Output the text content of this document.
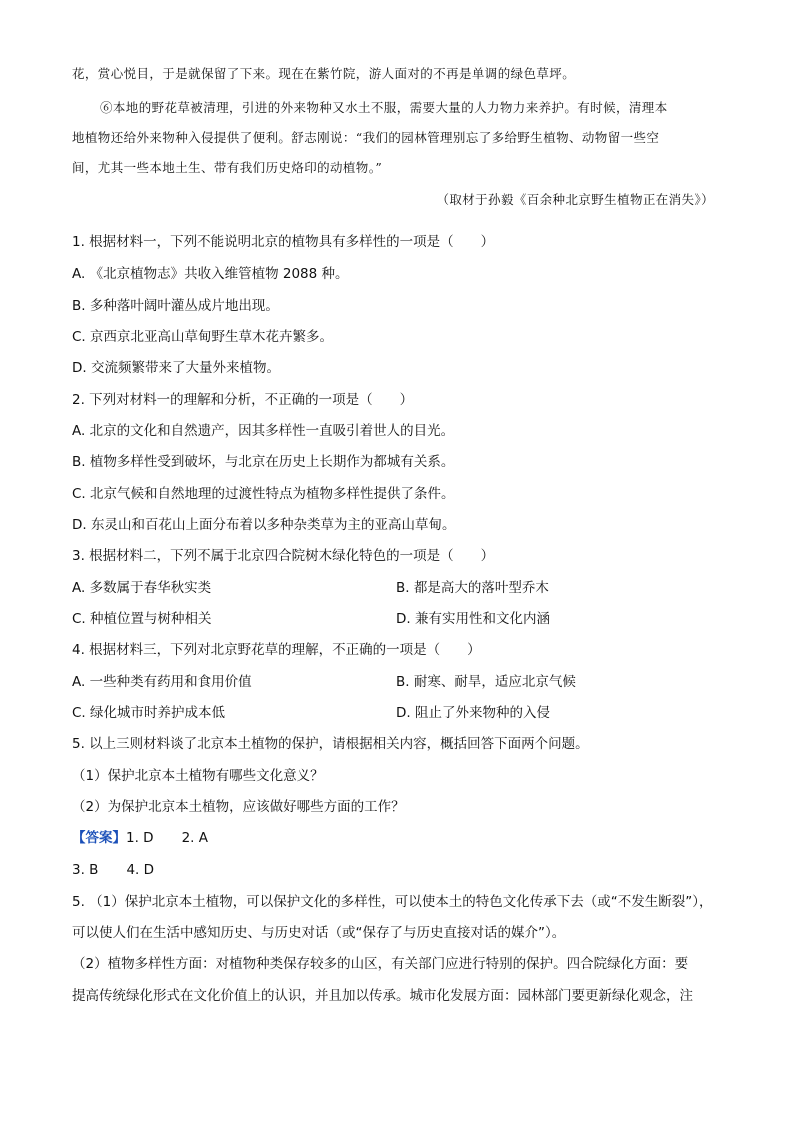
花，赏心悦目，于是就保留了下来。现在在紫竹院，游人面对的不再是单调的绿色草坪。
⑥本地的野花草被清理，引进的外来物种又水土不服，需要大量的人力物力来养护。有时候，清理本
地植物还给外来物种入侵提供了便利。舒志刚说：“我们的园林管理别忘了多给野生植物、动物留一些空
间，尤其一些本地土生、带有我们历史烙印的动植物。”
（取材于孙毅《百余种北京野生植物正在消失》）
1. 根据材料一，下列不能说明北京的植物具有多样性的一项是（　　）
A. 《北京植物志》共收入维管植物 2088 种。
B. 多种落叶阔叶灌丛成片地出现。
C. 京西京北亚高山草甸野生草木花卉繁多。
D. 交流频繁带来了大量外来植物。
2. 下列对材料一的理解和分析，不正确的一项是（　　）
A. 北京的文化和自然遗产，因其多样性一直吸引着世人的目光。
B. 植物多样性受到破坏，与北京在历史上长期作为都城有关系。
C. 北京气候和自然地理的过渡性特点为植物多样性提供了条件。
D. 东灵山和百花山上面分布着以多种杂类草为主的亚高山草甸。
3. 根据材料二，下列不属于北京四合院树木绿化特色的一项是（　　）
A. 多数属于春华秋实类	B. 都是高大的落叶型乔木
C. 种植位置与树种相关	D. 兼有实用性和文化内涵
4. 根据材料三，下列对北京野花草的理解，不正确的一项是（　　）
A. 一些种类有药用和食用价值	B. 耐寒、耐旱，适应北京气候
C. 绿化城市时养护成本低	D. 阻止了外来物种的入侵
5. 以上三则材料谈了北京本土植物的保护，请根据相关内容，概括回答下面两个问题。
（1）保护北京本土植物有哪些文化意义？
（2）为保护北京本土植物，应该做好哪些方面的工作？
【答案】1. D 2. A
3. B 4. D
5. （1）保护北京本土植物，可以保护文化的多样性，可以使本土的特色文化传承下去（或“不发生断裂”），
可以使人们在生活中感知历史、与历史对话（或“保存了与历史直接对话的媒介”）。
（2）植物多样性方面：对植物种类保存较多的山区，有关部门应进行特别的保护。四合院绿化方面：要
提高传统绿化形式在文化价值上的认识，并且加以传承。城市化发展方面：园林部门要更新绿化观念，注
